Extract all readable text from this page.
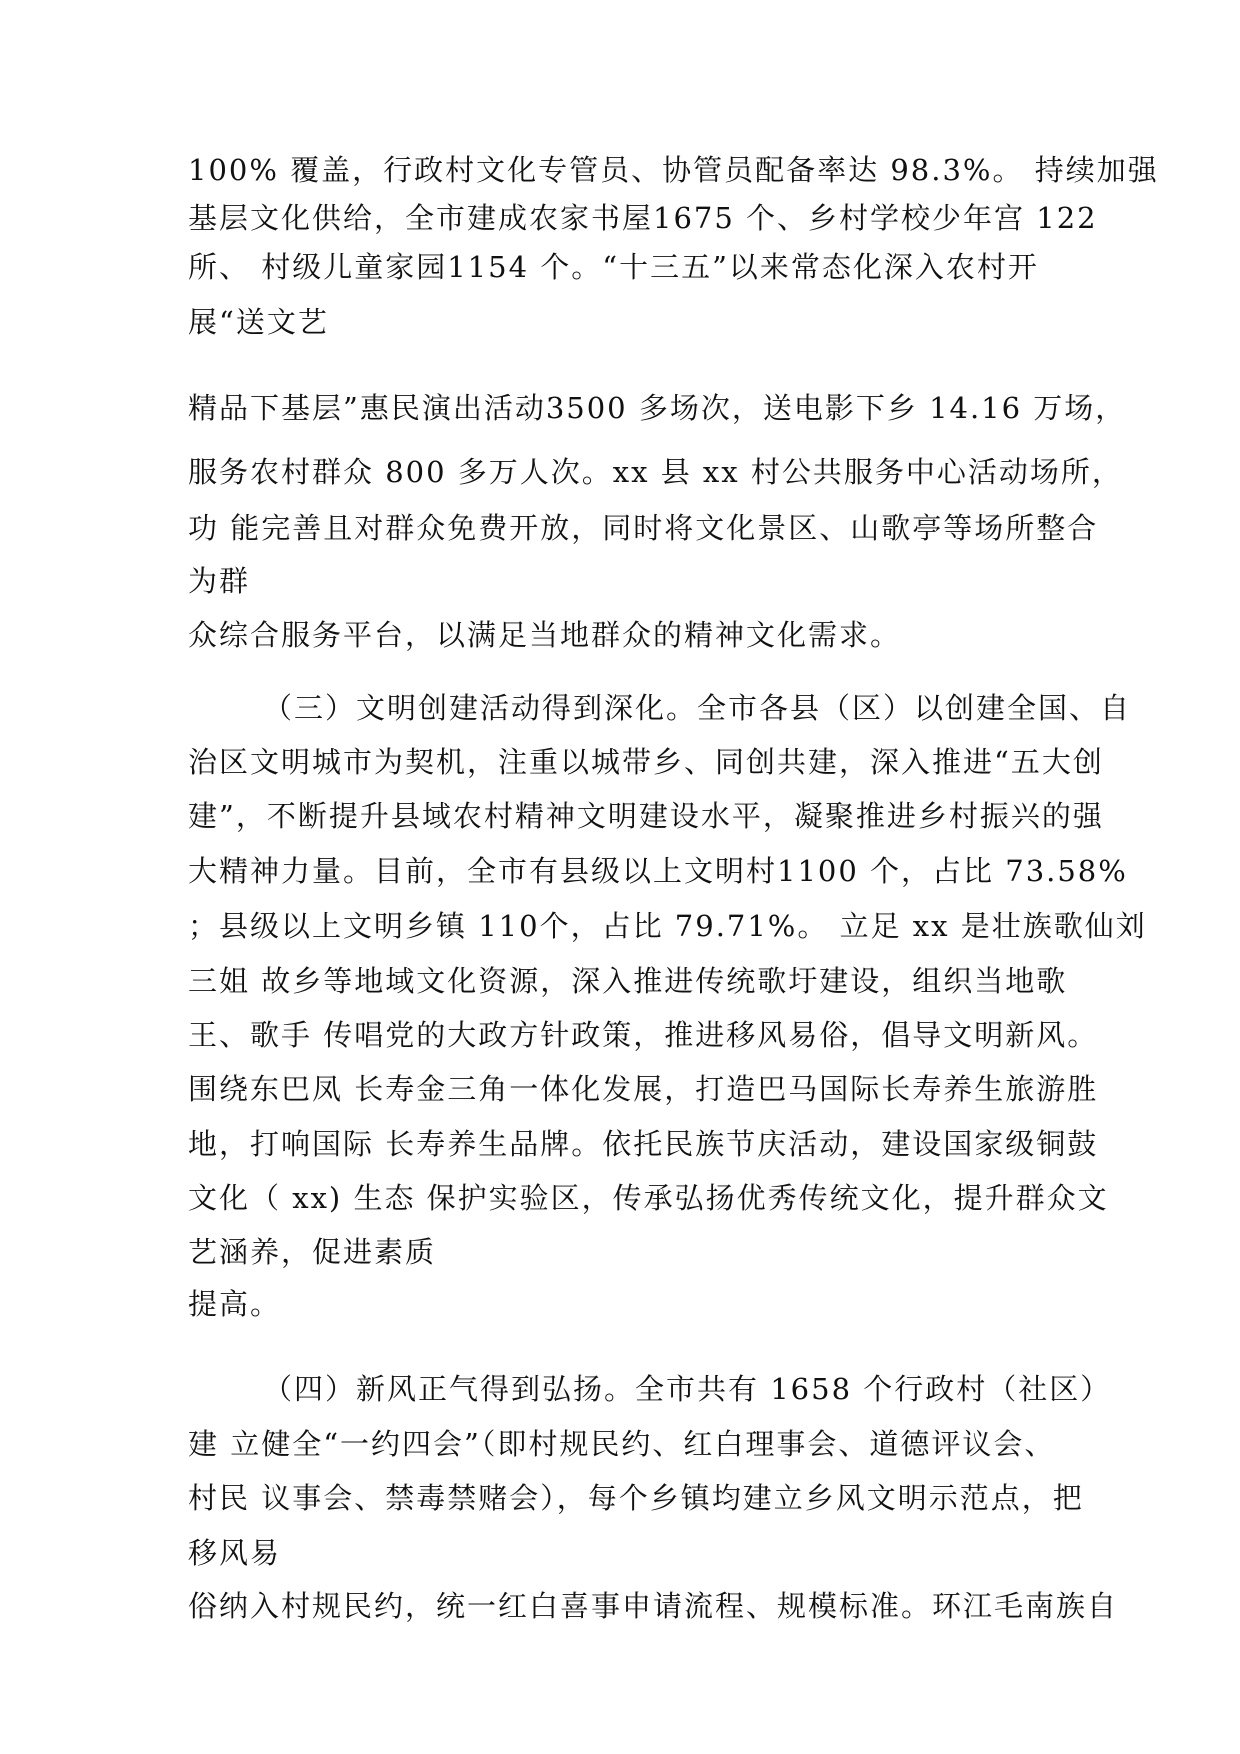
100% 覆盖，行政村文化专管员、协管员配备率达 98.3%。 持续加强
基层文化供给，全市建成农家书屋1675 个、乡村学校少年宫 122
所、 村级儿童家园1154 个。“十三五”以来常态化深入农村开
展“送文艺
精品下基层”惠民演出活动3500 多场次，送电影下乡 14.16 万场，
服务农村群众 800 多万人次。xx 县 xx 村公共服务中心活动场所，
功 能完善且对群众免费开放，同时将文化景区、山歌亭等场所整合
为群
众综合服务平台，以满足当地群众的精神文化需求。
（三）文明创建活动得到深化。全市各县（区）以创建全国、自
治区文明城市为契机，注重以城带乡、同创共建，深入推进“五大创
建”，不断提升县域农村精神文明建设水平，凝聚推进乡村振兴的强
大精神力量。目前，全市有县级以上文明村1100 个，占比 73.58%
；县级以上文明乡镇 110个，占比 79.71%。 立足 xx 是壮族歌仙刘
三姐 故乡等地域文化资源，深入推进传统歌圩建设，组织当地歌
王、歌手 传唱党的大政方针政策，推进移风易俗，倡导文明新风。
围绕东巴凤 长寿金三角一体化发展，打造巴马国际长寿养生旅游胜
地，打响国际 长寿养生品牌。依托民族节庆活动，建设国家级铜鼓
文化（ xx) 生态 保护实验区，传承弘扬优秀传统文化，提升群众文
艺涵养，促进素质
提高。
（四）新风正气得到弘扬。全市共有 1658 个行政村（社区）
建 立健全“一约四会”（即村规民约、红白理事会、道德评议会、
村民 议事会、禁毒禁赌会），每个乡镇均建立乡风文明示范点，把
移风易
俗纳入村规民约，统一红白喜事申请流程、规模标准。环江毛南族自
